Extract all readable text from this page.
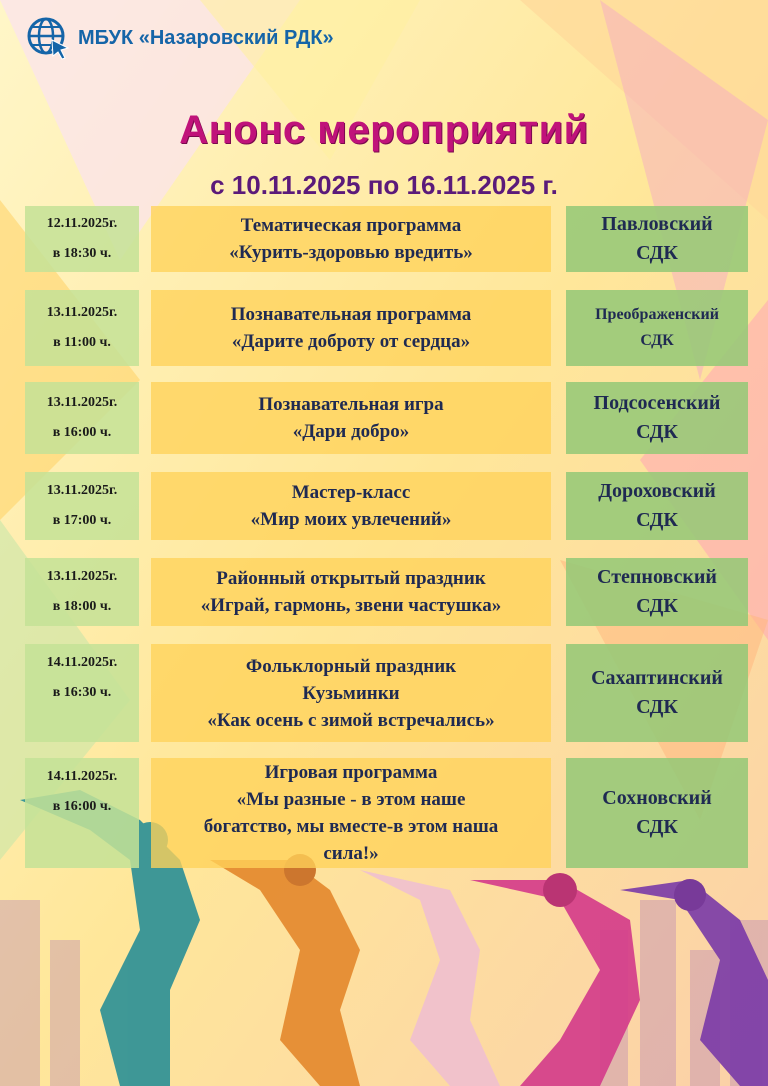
МБУК «Назаровский РДК»
Анонс мероприятий
с 10.11.2025 по 16.11.2025 г.
12.11.2025г.
в 18:30 ч.
Тематическая программа
«Курить-здоровью вредить»
Павловский
СДК
13.11.2025г.
в 11:00 ч.
Познавательная программа
«Дарите доброту от сердца»
Преображенский
СДК
13.11.2025г.
в 16:00 ч.
Познавательная игра
«Дари добро»
Подсосенский
СДК
13.11.2025г.
в 17:00 ч.
Мастер-класс
«Мир моих увлечений»
Дороховский
СДК
13.11.2025г.
в 18:00 ч.
Районный открытый праздник
«Играй, гармонь, звени частушка»
Степновский
СДК
14.11.2025г.
в 16:30 ч.
Фольклорный праздник
Кузьминки
«Как осень с зимой встречались»
Сахаптинский
СДК
14.11.2025г.
в 16:00 ч.
Игровая программа
«Мы разные - в этом наше
богатство, мы вместе-в этом наша
сила!»
Сохновский
СДК
